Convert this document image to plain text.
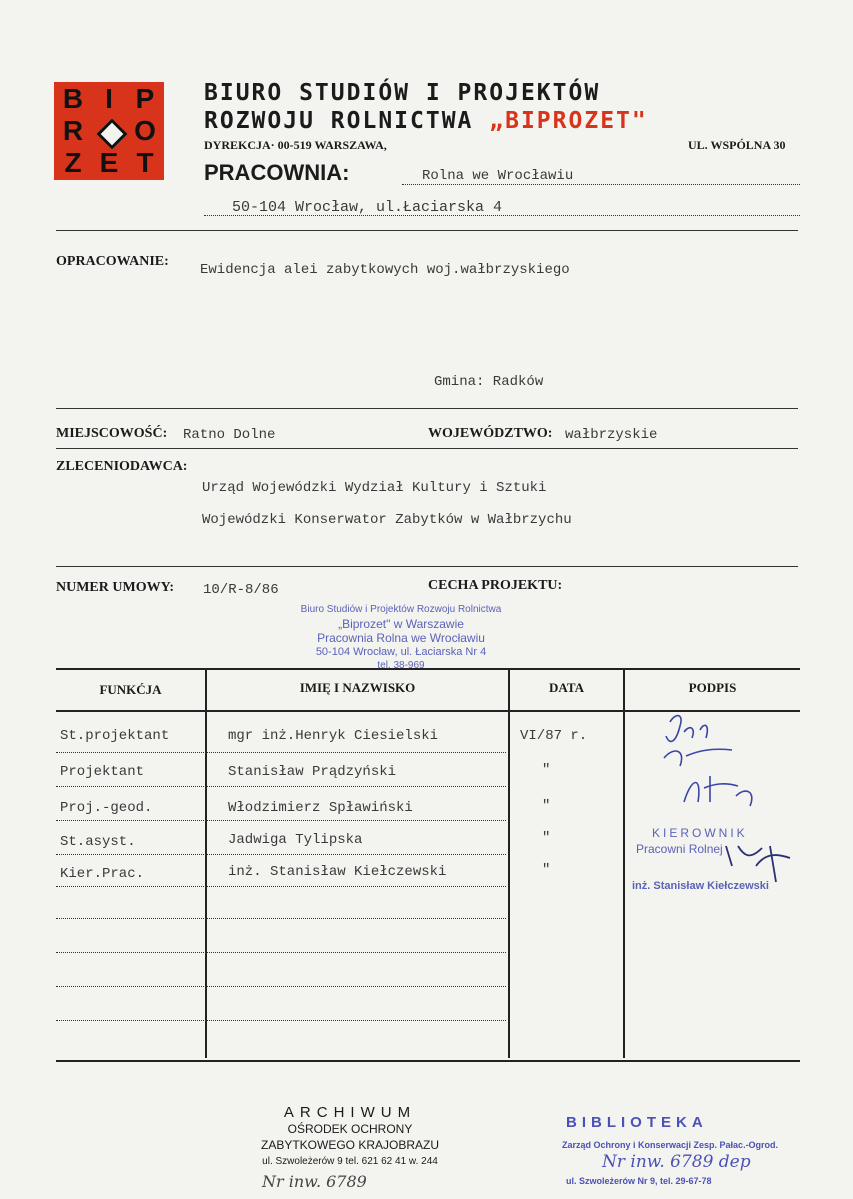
B I P
R O
Z E T
BIURO STUDIÓW I PROJEKTÓW
ROZWOJU ROLNICTWA „BIPROZET"
DYREKCJA· 00-519 WARSZAWA,	UL. WSPÓLNA 30
PRACOWNIA:	Rolna we Wrocławiu
50-104 Wrocław, ul.Łaciarska 4
OPRACOWANIE:
Ewidencja alei zabytkowych woj.wałbrzyskiego
Gmina: Radków
MIEJSCOWOŚĆ: Ratno Dolne	WOJEWÓDZTWO: wałbrzyskie
ZLECENIODAWCA:
Urząd Wojewódzki Wydział Kultury i Sztuki
Wojewódzki Konserwator Zabytków w Wałbrzychu
NUMER UMOWY: 10/R-8/86	CECHA PROJEKTU:
Biuro Studiów i Projektów Rozwoju Rolnictwa
„Biprozet" w Warszawie
Pracownia Rolna we Wrocławiu
50-104 Wrocław, ul. Łaciarska Nr 4
tel. 38-969
FUNKĆJA	IMIĘ I NAZWISKO	DATA	PODPIS
St.projektant	mgr inż.Henryk Ciesielski	VI/87 r.
Projektant	Stanisław Prądzyński	"
Proj.-geod.	Włodzimierz Spławiński	"
St.asyst.	Jadwiga Tylipska	"
Kier.Prac.	inż. Stanisław Kiełczewski	"
KIEROWNIK
Pracowni Rolnej
inż. Stanisław Kiełczewski
ARCHIWUM
OŚRODEK OCHRONY
ZABYTKOWEGO KRAJOBRAZU
ul. Szwoleżerów 9 tel. 621 62 41 w. 244
Nr inw. 6789
BIBLIOTEKA
Zarząd Ochrony i Konserwacji Zesp. Pałac.-Ogrod.
ul. Szwoleżerów Nr 9, tel. 29-67-78
Nr inw. 6789 dep
